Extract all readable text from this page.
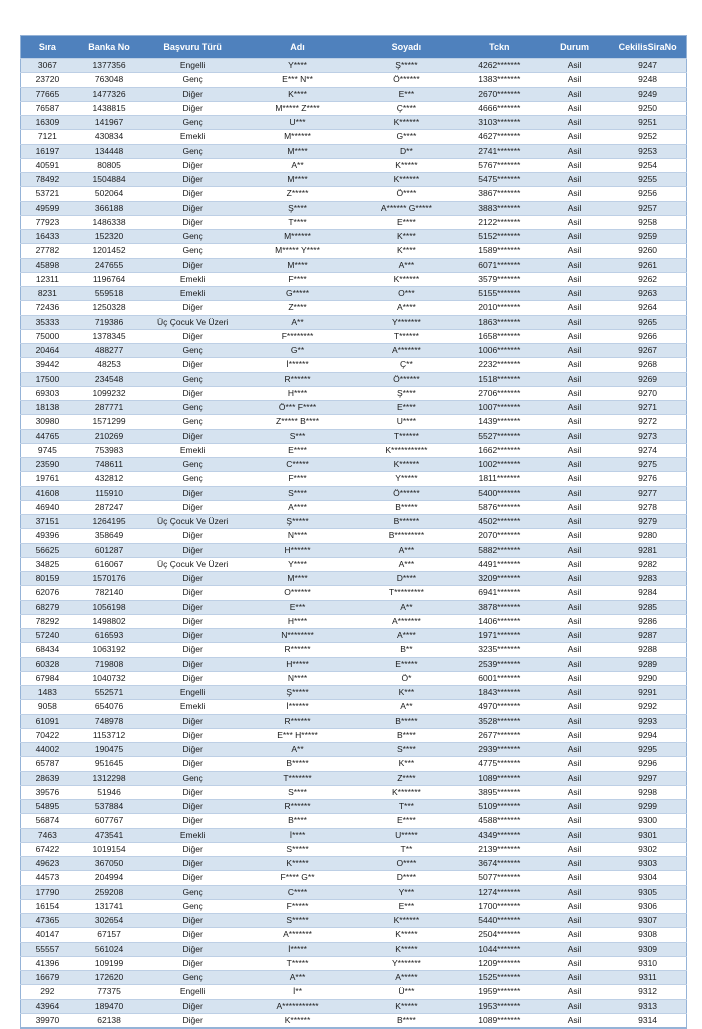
Sıra	Banka No	Başvuru Türü	Adı	Soyadı	Tckn	Durum	CekilisSiraNo
3067	1377356	Engelli	Y****	Ş*****	4262*******	Asil	9247
23720	763048	Genç	E*** N**	Ö******	1383*******	Asil	9248
77665	1477326	Diğer	K****	E***	2670*******	Asil	9249
76587	1438815	Diğer	M***** Z****	Ç****	4666*******	Asil	9250
16309	141967	Genç	U***	K******	3103*******	Asil	9251
7121	430834	Emekli	M******	G****	4627*******	Asil	9252
16197	134448	Genç	M****	D**	2741*******	Asil	9253
40591	80805	Diğer	A**	K*****	5767*******	Asil	9254
78492	1504884	Diğer	M****	K******	5475*******	Asil	9255
53721	502064	Diğer	Z*****	Ö****	3867*******	Asil	9256
49599	366188	Diğer	Ş****	A****** G*****	3883*******	Asil	9257
77923	1486338	Diğer	T****	E****	2122*******	Asil	9258
16433	152320	Genç	M******	K****	5152*******	Asil	9259
27782	1201452	Genç	M***** Y****	K****	1589*******	Asil	9260
45898	247655	Diğer	M****	A***	6071*******	Asil	9261
12311	1196764	Emekli	F****	K******	3579*******	Asil	9262
8231	559518	Emekli	G*****	O***	5155*******	Asil	9263
72436	1250328	Diğer	Z****	A****	2010*******	Asil	9264
35333	719386	Üç Çocuk Ve Üzeri	A**	Y*******	1863*******	Asil	9265
75000	1378345	Diğer	F********	T******	1658*******	Asil	9266
20464	488277	Genç	G**	A*******	1006*******	Asil	9267
39442	48253	Diğer	İ******	Ç**	2232*******	Asil	9268
17500	234548	Genç	R******	Ö******	1518*******	Asil	9269
69303	1099232	Diğer	H****	Ş****	2706*******	Asil	9270
18138	287771	Genç	Ö*** F****	E****	1007*******	Asil	9271
30980	1571299	Genç	Z***** B****	U****	1439*******	Asil	9272
44765	210269	Diğer	S***	T******	5527*******	Asil	9273
9745	753983	Emekli	E****	K***********	1662*******	Asil	9274
23590	748611	Genç	C*****	K******	1002*******	Asil	9275
19761	432812	Genç	F****	Y*****	1811*******	Asil	9276
41608	115910	Diğer	S****	Ö******	5400*******	Asil	9277
46940	287247	Diğer	A****	B*****	5876*******	Asil	9278
37151	1264195	Üç Çocuk Ve Üzeri	Ş*****	B******	4502*******	Asil	9279
49396	358649	Diğer	N****	B*********	2070*******	Asil	9280
56625	601287	Diğer	H******	A***	5882*******	Asil	9281
34825	616067	Üç Çocuk Ve Üzeri	Y****	A***	4491*******	Asil	9282
80159	1570176	Diğer	M****	D****	3209*******	Asil	9283
62076	782140	Diğer	O******	T*********	6941*******	Asil	9284
68279	1056198	Diğer	E***	A**	3878*******	Asil	9285
78292	1498802	Diğer	H****	A*******	1406*******	Asil	9286
57240	616593	Diğer	N********	A****	1971*******	Asil	9287
68434	1063192	Diğer	R******	B**	3235*******	Asil	9288
60328	719808	Diğer	H*****	E*****	2539*******	Asil	9289
67984	1040732	Diğer	N****	Ö*	6001*******	Asil	9290
1483	552571	Engelli	Ş*****	K***	1843*******	Asil	9291
9058	654076	Emekli	İ******	A**	4970*******	Asil	9292
61091	748978	Diğer	R******	B*****	3528*******	Asil	9293
70422	1153712	Diğer	E*** H*****	B****	2677*******	Asil	9294
44002	190475	Diğer	A**	S****	2939*******	Asil	9295
65787	951645	Diğer	B*****	K***	4775*******	Asil	9296
28639	1312298	Genç	T*******	Z****	1089*******	Asil	9297
39576	51946	Diğer	S****	K*******	3895*******	Asil	9298
54895	537884	Diğer	R******	T***	5109*******	Asil	9299
56874	607767	Diğer	B****	E****	4588*******	Asil	9300
7463	473541	Emekli	İ****	U*****	4349*******	Asil	9301
67422	1019154	Diğer	S*****	T**	2139*******	Asil	9302
49623	367050	Diğer	K*****	O****	3674*******	Asil	9303
44573	204994	Diğer	F**** G**	D****	5077*******	Asil	9304
17790	259208	Genç	C****	Y***	1274*******	Asil	9305
16154	131741	Genç	F*****	E***	1700*******	Asil	9306
47365	302654	Diğer	S*****	K******	5440*******	Asil	9307
40147	67157	Diğer	A*******	K*****	2504*******	Asil	9308
55557	561024	Diğer	İ*****	K*****	1044*******	Asil	9309
41396	109199	Diğer	T*****	Y*******	1209*******	Asil	9310
16679	172620	Genç	A***	A*****	1525*******	Asil	9311
292	77375	Engelli	İ**	Ü***	1959*******	Asil	9312
43964	189470	Diğer	A***********	K*****	1953*******	Asil	9313
39970	62138	Diğer	K******	B****	1089*******	Asil	9314
